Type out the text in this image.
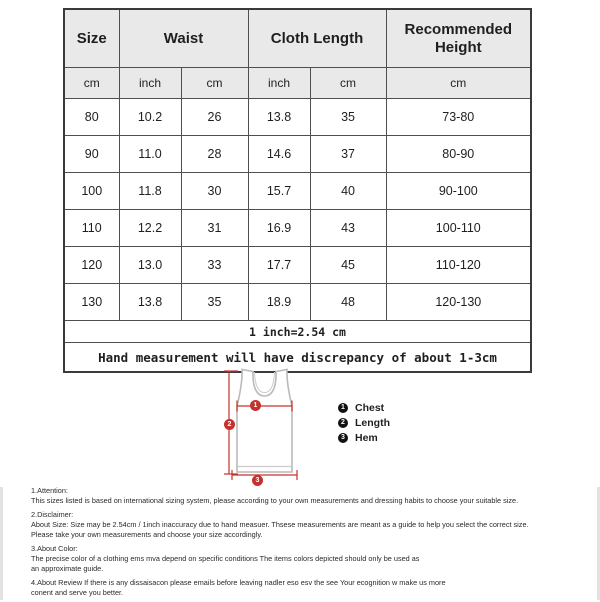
Size	Waist		Cloth Length		Recommended Height
cm	inch	cm	inch	cm	cm
80	10.2	26	13.8	35	73-80
90	11.0	28	14.6	37	80-90
100	11.8	30	15.7	40	90-100
110	12.2	31	16.9	43	100-110
120	13.0	33	17.7	45	110-120
130	13.8	35	18.9	48	120-130
1 inch=2.54 cm					
Hand measurement will have discrepancy of about 1-3cm					
1
2
3
1 Chest
2 Length
3 Hem
1.Attention:
This sizes listed is based on international sizing system, please according to your own measurements and dressing habits to choose your suitable size.
2.Disclaimer:
About Size: Size may be 2.54cm / 1inch inaccuracy due to hand measuer. Thsese measurements are meant as a guide to help you select the correct size.
Please take your own measurements and choose your size accordingly.
3.About Color:
The precise color of a clothing ems mva depend on specific conditions The items colors depicted should only be used as
an approximate guide.
4.About Review If there is any dissaisacon please emails before leaving nadler eso esv the see Your ecognition w make us more
conent and serve you better.
